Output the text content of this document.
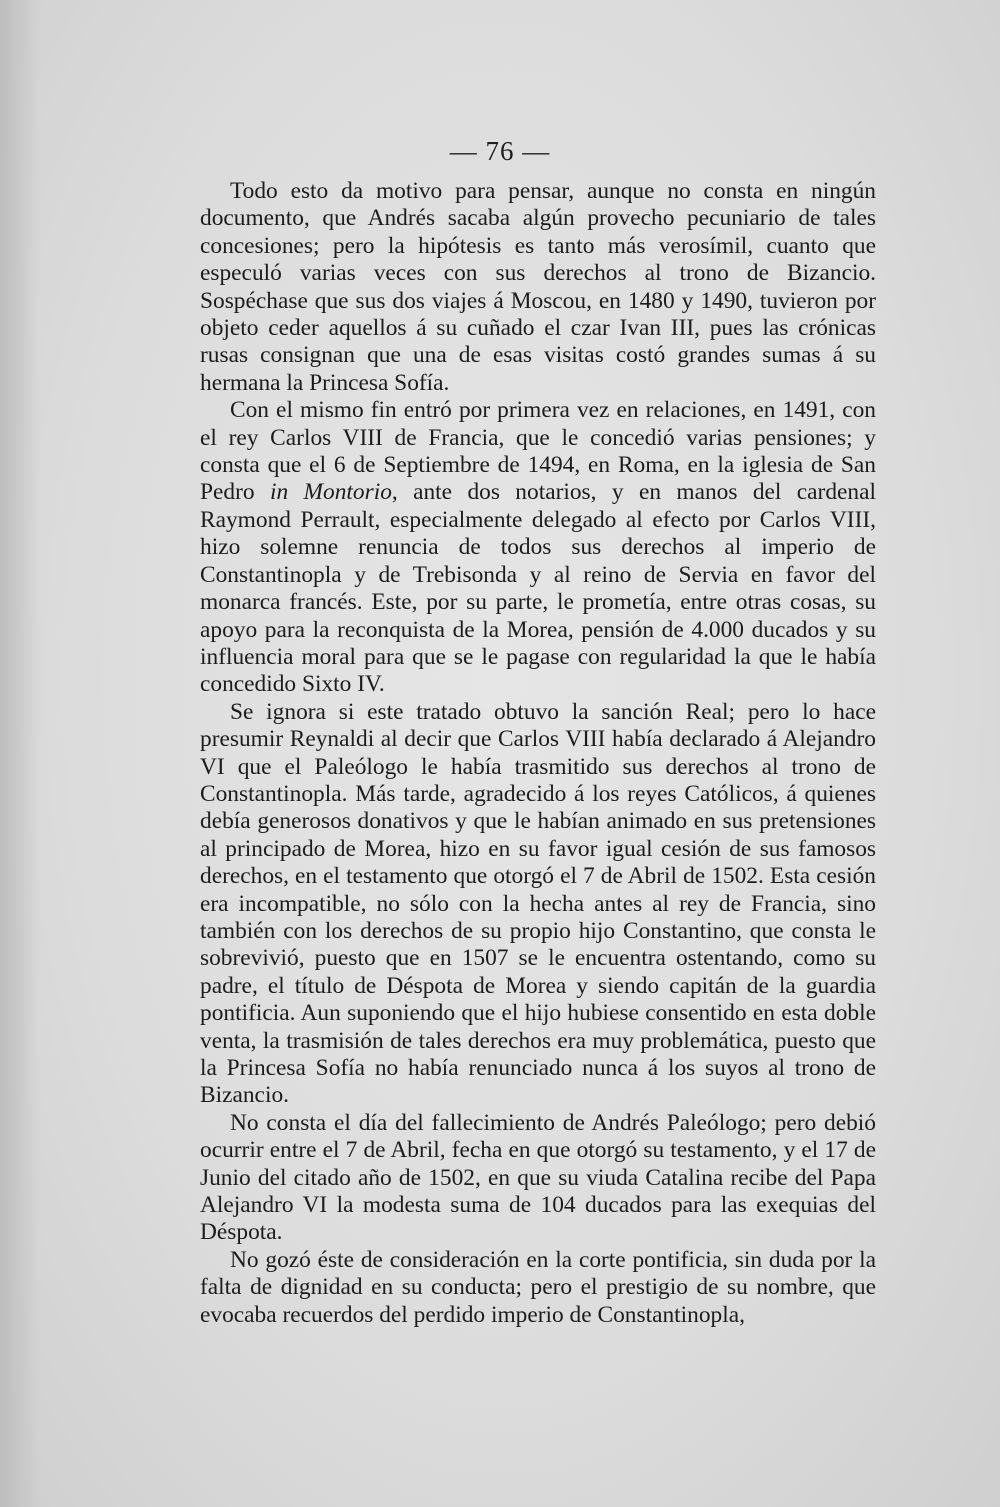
— 76 —

Todo esto da motivo para pensar, aunque no consta en ningún documento, que Andrés sacaba algún provecho pecuniario de tales concesiones; pero la hipótesis es tanto más verosímil, cuanto que especuló varias veces con sus derechos al trono de Bizancio. Sospéchase que sus dos viajes á Moscou, en 1480 y 1490, tuvieron por objeto ceder aquellos á su cuñado el czar Ivan III, pues las crónicas rusas consignan que una de esas visitas costó grandes sumas á su hermana la Princesa Sofía.

Con el mismo fin entró por primera vez en relaciones, en 1491, con el rey Carlos VIII de Francia, que le concedió varias pensiones; y consta que el 6 de Septiembre de 1494, en Roma, en la iglesia de San Pedro in Montorio, ante dos notarios, y en manos del cardenal Raymond Perrault, especialmente delegado al efecto por Carlos VIII, hizo solemne renuncia de todos sus derechos al imperio de Constantinopla y de Trebisonda y al reino de Servia en favor del monarca francés. Este, por su parte, le prometía, entre otras cosas, su apoyo para la reconquista de la Morea, pensión de 4.000 ducados y su influencia moral para que se le pagase con regularidad la que le había concedido Sixto IV.

Se ignora si este tratado obtuvo la sanción Real; pero lo hace presumir Reynaldi al decir que Carlos VIII había declarado á Alejandro VI que el Paleólogo le había trasmitido sus derechos al trono de Constantinopla. Más tarde, agradecido á los reyes Católicos, á quienes debía generosos donativos y que le habían animado en sus pretensiones al principado de Morea, hizo en su favor igual cesión de sus famosos derechos, en el testamento que otorgó el 7 de Abril de 1502. Esta cesión era incompatible, no sólo con la hecha antes al rey de Francia, sino también con los derechos de su propio hijo Constantino, que consta le sobrevivió, puesto que en 1507 se le encuentra ostentando, como su padre, el título de Déspota de Morea y siendo capitán de la guardia pontificia. Aun suponiendo que el hijo hubiese consentido en esta doble venta, la trasmisión de tales derechos era muy problemática, puesto que la Princesa Sofía no había renunciado nunca á los suyos al trono de Bizancio.

No consta el día del fallecimiento de Andrés Paleólogo; pero debió ocurrir entre el 7 de Abril, fecha en que otorgó su testamento, y el 17 de Junio del citado año de 1502, en que su viuda Catalina recibe del Papa Alejandro VI la modesta suma de 104 ducados para las exequias del Déspota.

No gozó éste de consideración en la corte pontificia, sin duda por la falta de dignidad en su conducta; pero el prestigio de su nombre, que evocaba recuerdos del perdido imperio de Constantinopla,
